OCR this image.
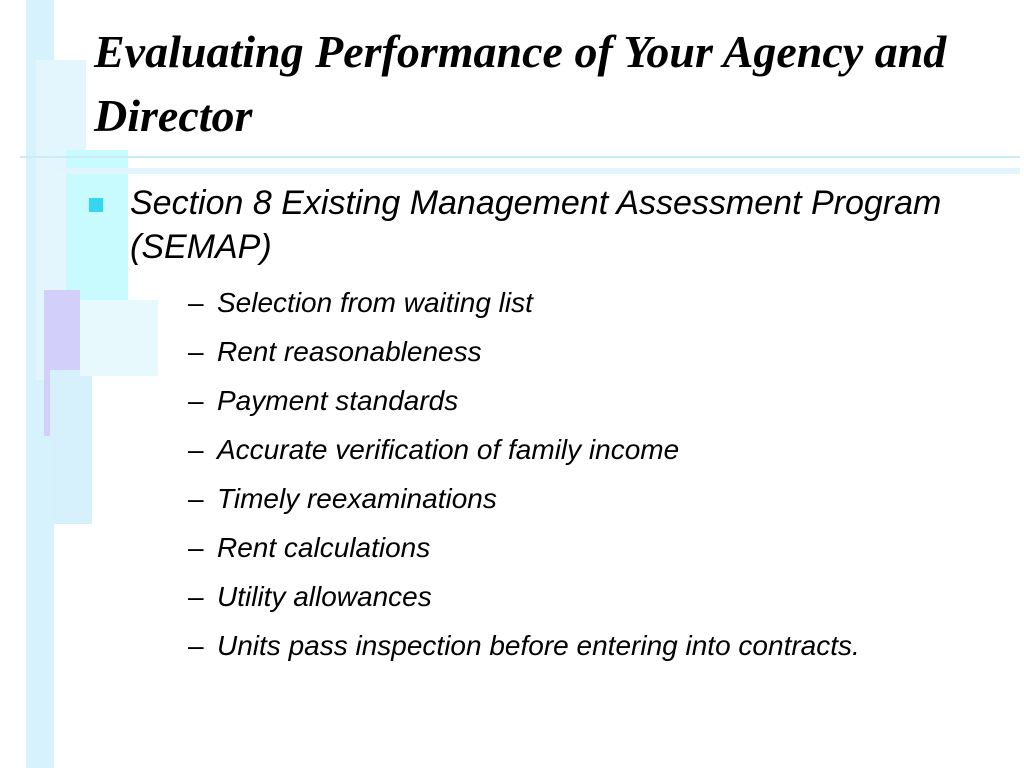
Evaluating Performance of Your Agency and Director

Section 8 Existing Management Assessment Program (SEMAP)

– Selection from waiting list
– Rent reasonableness
– Payment standards
– Accurate verification of family income
– Timely reexaminations
– Rent calculations
– Utility allowances
– Units pass inspection before entering into contracts.
